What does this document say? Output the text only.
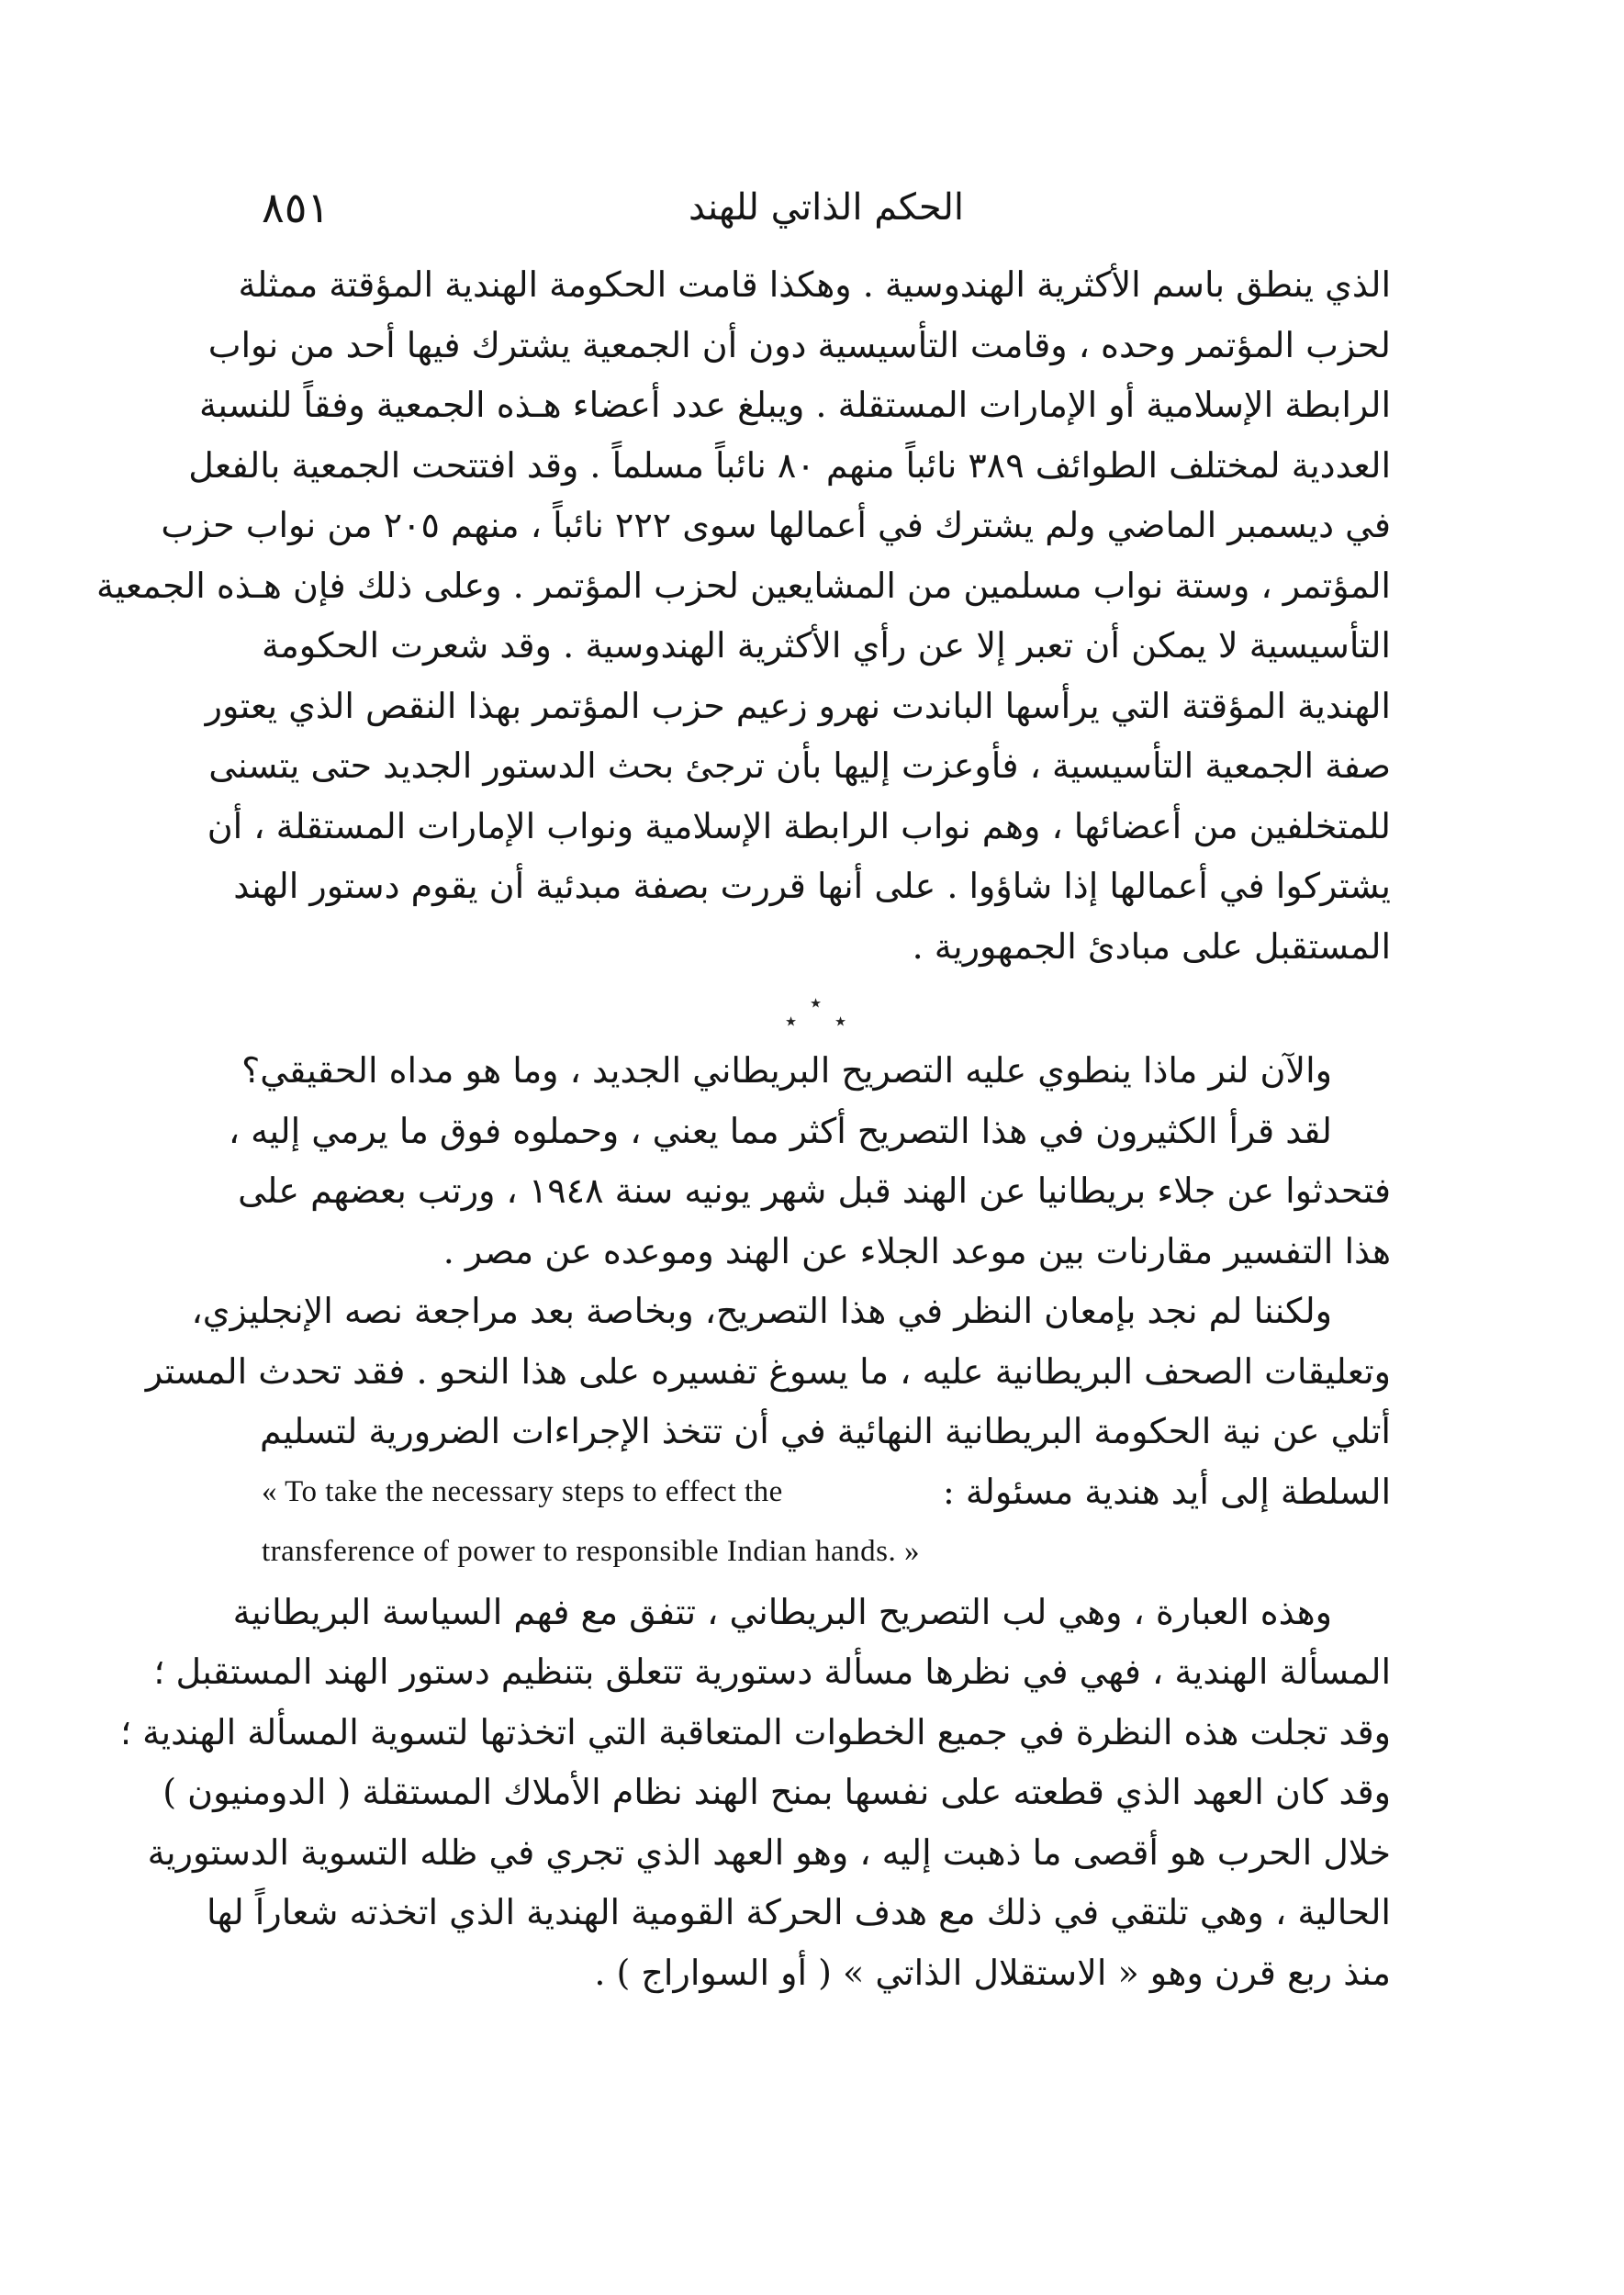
٨٥١	الحكم الذاتي للهند
الذي ينطق باسم الأكثرية الهندوسية . وهكذا قامت الحكومة الهندية المؤقتة ممثلة
لحزب المؤتمر وحده ، وقامت التأسيسية دون أن الجمعية يشترك فيها أحد من نواب
الرابطة الإسلامية أو الإمارات المستقلة . ويبلغ عدد أعضاء هـذه الجمعية وفقاً للنسبة
العددية لمختلف الطوائف ٣٨٩ نائباً منهم ٨٠ نائباً مسلماً . وقد افتتحت الجمعية بالفعل
في ديسمبر الماضي ولم يشترك في أعمالها سوى ٢٢٢ نائباً ، منهم ٢٠٥ من نواب حزب
المؤتمر ، وستة نواب مسلمين من المشايعين لحزب المؤتمر . وعلى ذلك فإن هـذه الجمعية
التأسيسية لا يمكن أن تعبر إلا عن رأي الأكثرية الهندوسية . وقد شعرت الحكومة
الهندية المؤقتة التي يرأسها الباندت نهرو زعيم حزب المؤتمر بهذا النقص الذي يعتور
صفة الجمعية التأسيسية ، فأوعزت إليها بأن ترجئ بحث الدستور الجديد حتى يتسنى
للمتخلفين من أعضائها ، وهم نواب الرابطة الإسلامية ونواب الإمارات المستقلة ، أن
يشتركوا في أعمالها إذا شاؤوا . على أنها قررت بصفة مبدئية أن يقوم دستور الهند
المستقبل على مبادئ الجمهورية .
٭
٭
٭
والآن لنر ماذا ينطوي عليه التصريح البريطاني الجديد ، وما هو مداه الحقيقي؟
لقد قرأ الكثيرون في هذا التصريح أكثر مما يعني ، وحملوه فوق ما يرمي إليه ،
فتحدثوا عن جلاء بريطانيا عن الهند قبل شهر يونيه سنة ١٩٤٨ ، ورتب بعضهم على
هذا التفسير مقارنات بين موعد الجلاء عن الهند وموعده عن مصر .
ولكننا لم نجد بإمعان النظر في هذا التصريح، وبخاصة بعد مراجعة نصه الإنجليزي،
وتعليقات الصحف البريطانية عليه ، ما يسوغ تفسيره على هذا النحو . فقد تحدث المستر
أتلي عن نية الحكومة البريطانية النهائية في أن تتخذ الإجراءات الضرورية لتسليم
السلطة إلى أيد هندية مسئولة :
« To take the necessary steps to effect the
transference of power to responsible Indian hands. »
وهذه العبارة ، وهي لب التصريح البريطاني ، تتفق مع فهم السياسة البريطانية
المسألة الهندية ، فهي في نظرها مسألة دستورية تتعلق بتنظيم دستور الهند المستقبل ؛
وقد تجلت هذه النظرة في جميع الخطوات المتعاقبة التي اتخذتها لتسوية المسألة الهندية ؛
وقد كان العهد الذي قطعته على نفسها بمنح الهند نظام الأملاك المستقلة ( الدومنيون )
خلال الحرب هو أقصى ما ذهبت إليه ، وهو العهد الذي تجري في ظله التسوية الدستورية
الحالية ، وهي تلتقي في ذلك مع هدف الحركة القومية الهندية الذي اتخذته شعاراً لها
منذ ربع قرن وهو « الاستقلال الذاتي » ( أو السواراج ) .
